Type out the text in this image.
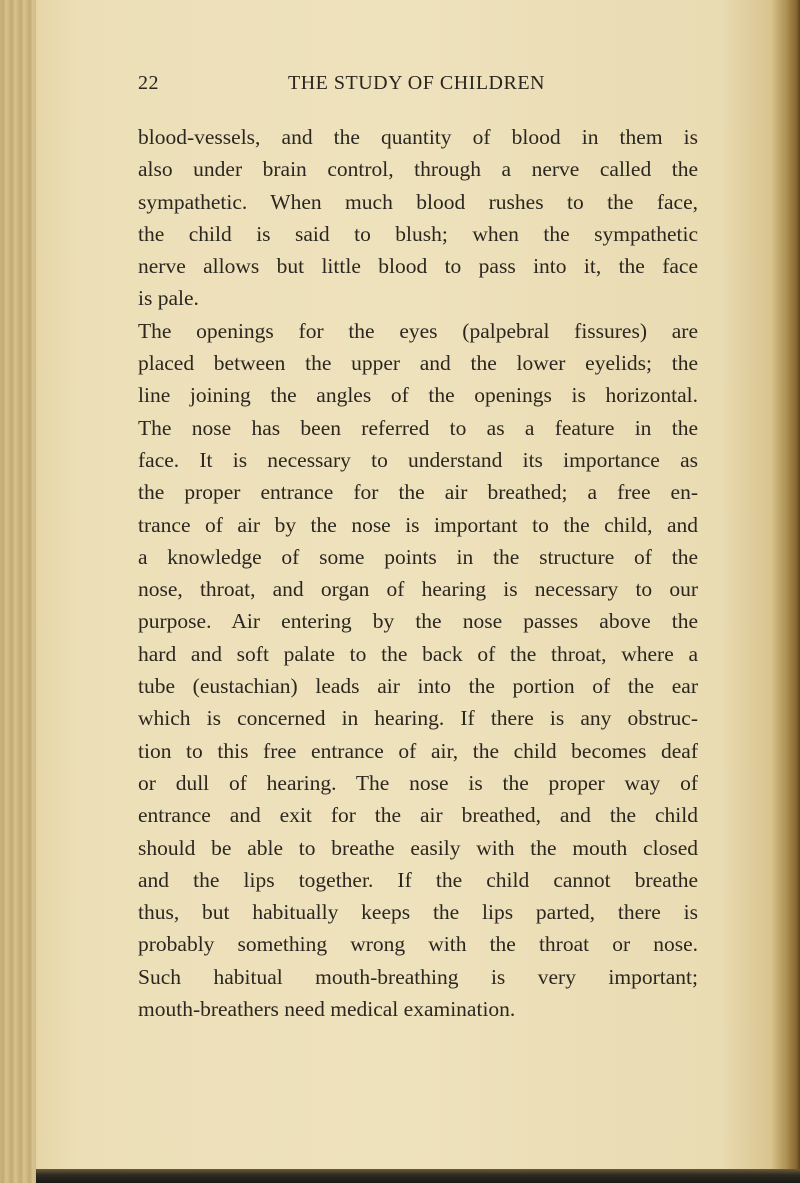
22	THE STUDY OF CHILDREN
blood-vessels, and the quantity of blood in them is
also under brain control, through a nerve called the
sympathetic. When much blood rushes to the face,
the child is said to blush; when the sympathetic
nerve allows but little blood to pass into it, the face
is pale.
The openings for the eyes (palpebral fissures) are
placed between the upper and the lower eyelids; the
line joining the angles of the openings is horizontal.
The nose has been referred to as a feature in the
face. It is necessary to understand its importance as
the proper entrance for the air breathed; a free en-
trance of air by the nose is important to the child, and
a knowledge of some points in the structure of the
nose, throat, and organ of hearing is necessary to our
purpose. Air entering by the nose passes above the
hard and soft palate to the back of the throat, where a
tube (eustachian) leads air into the portion of the ear
which is concerned in hearing. If there is any obstruc-
tion to this free entrance of air, the child becomes deaf
or dull of hearing. The nose is the proper way of
entrance and exit for the air breathed, and the child
should be able to breathe easily with the mouth closed
and the lips together. If the child cannot breathe
thus, but habitually keeps the lips parted, there is
probably something wrong with the throat or nose.
Such habitual mouth-breathing is very important;
mouth-breathers need medical examination.
